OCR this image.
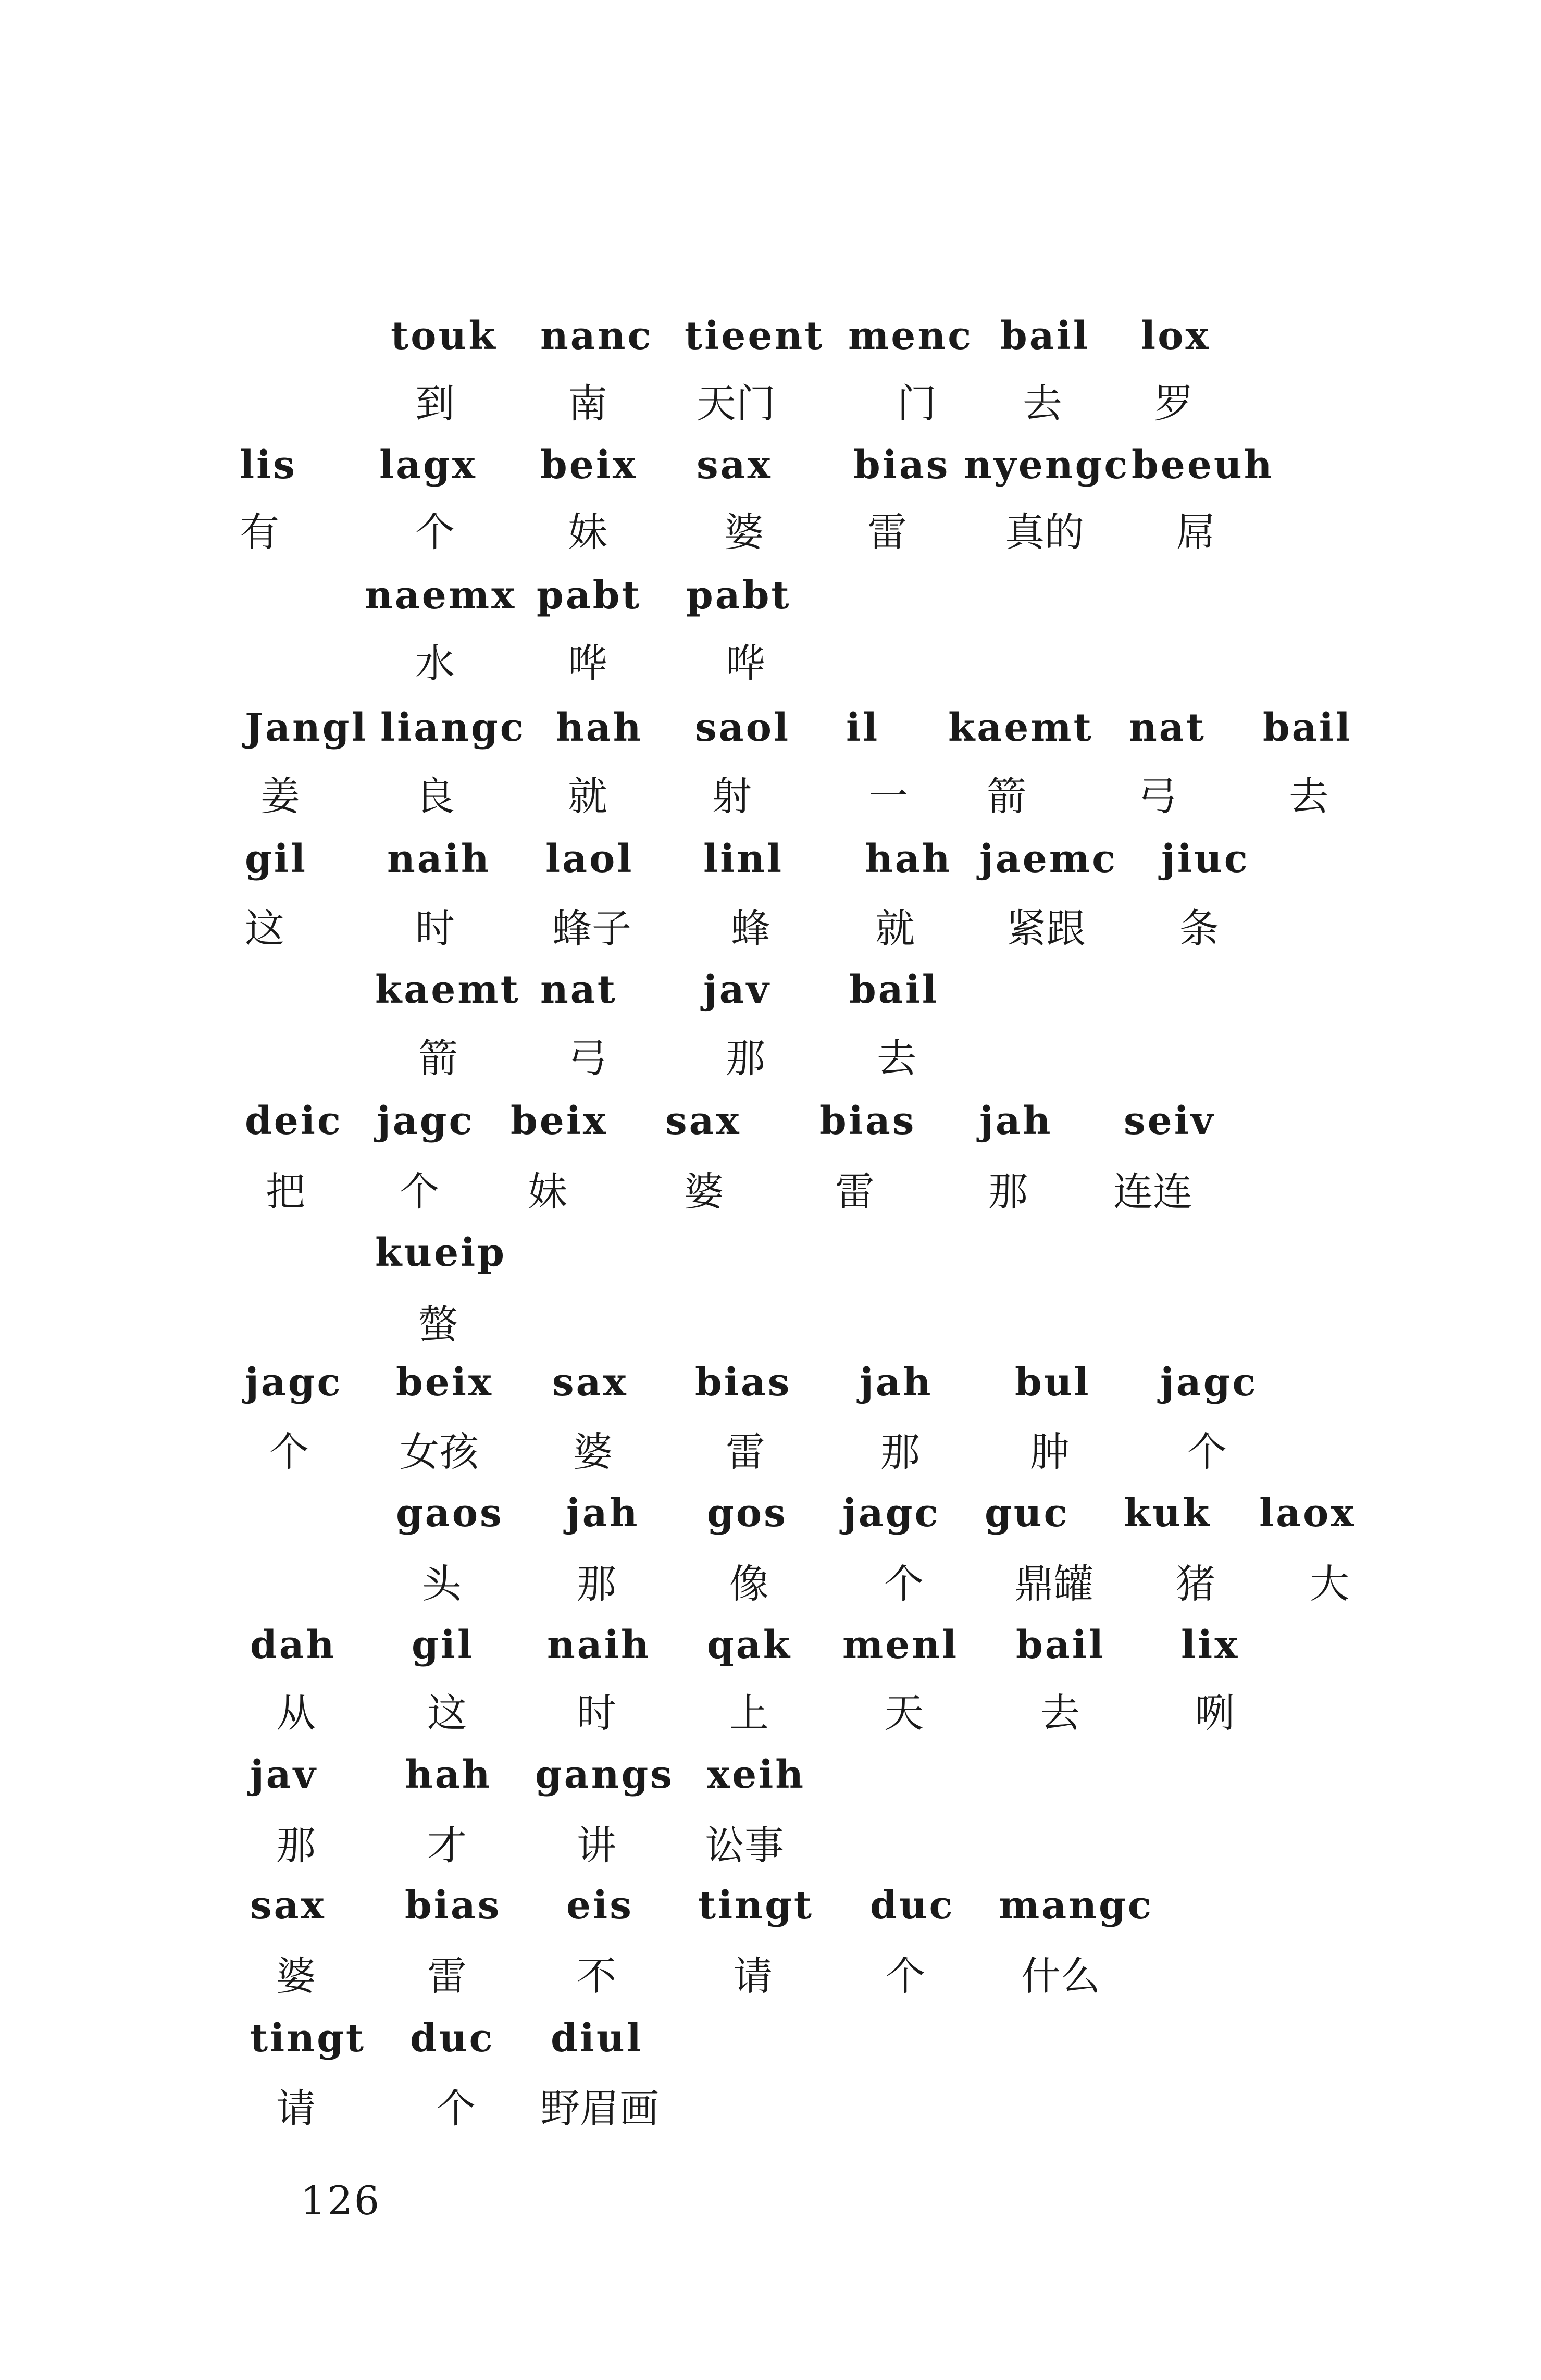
touk nanc tieent menc bail lox
到	南 天门	门 去 罗
lis lagx beix sax bias nyengc beeuh
有	个	妹	婆	雷 真的 屌
naemx pabt pabt
水	哗	哗
Jangl liangc hah saol il kaemt nat bail
姜	良	就	射	一 箭	弓	去
gil naih laol linl hah jaemc jiuc
这	时 蜂子	蜂	就 紧跟 条
kaemt nat jav bail
箭	弓	那	去
deic jagc beix sax bias jah seiv
把 个 妹	婆	雷	那 连连
kueip
螫
jagc beix sax bias jah bul jagc
个 女孩 婆	雷	那	肿	个
gaos jah gos jagc guc kuk laox
头	那	像	个 鼎罐 猪 大
dah gil naih qak menl bail lix
从	这	时	上	天	去	咧
jav hah gangs xeih
那	才	讲 讼事
sax bias eis tingt duc mangc
婆	雷	不	请	个 什么
tingt duc diul
请	个 野眉画
126
